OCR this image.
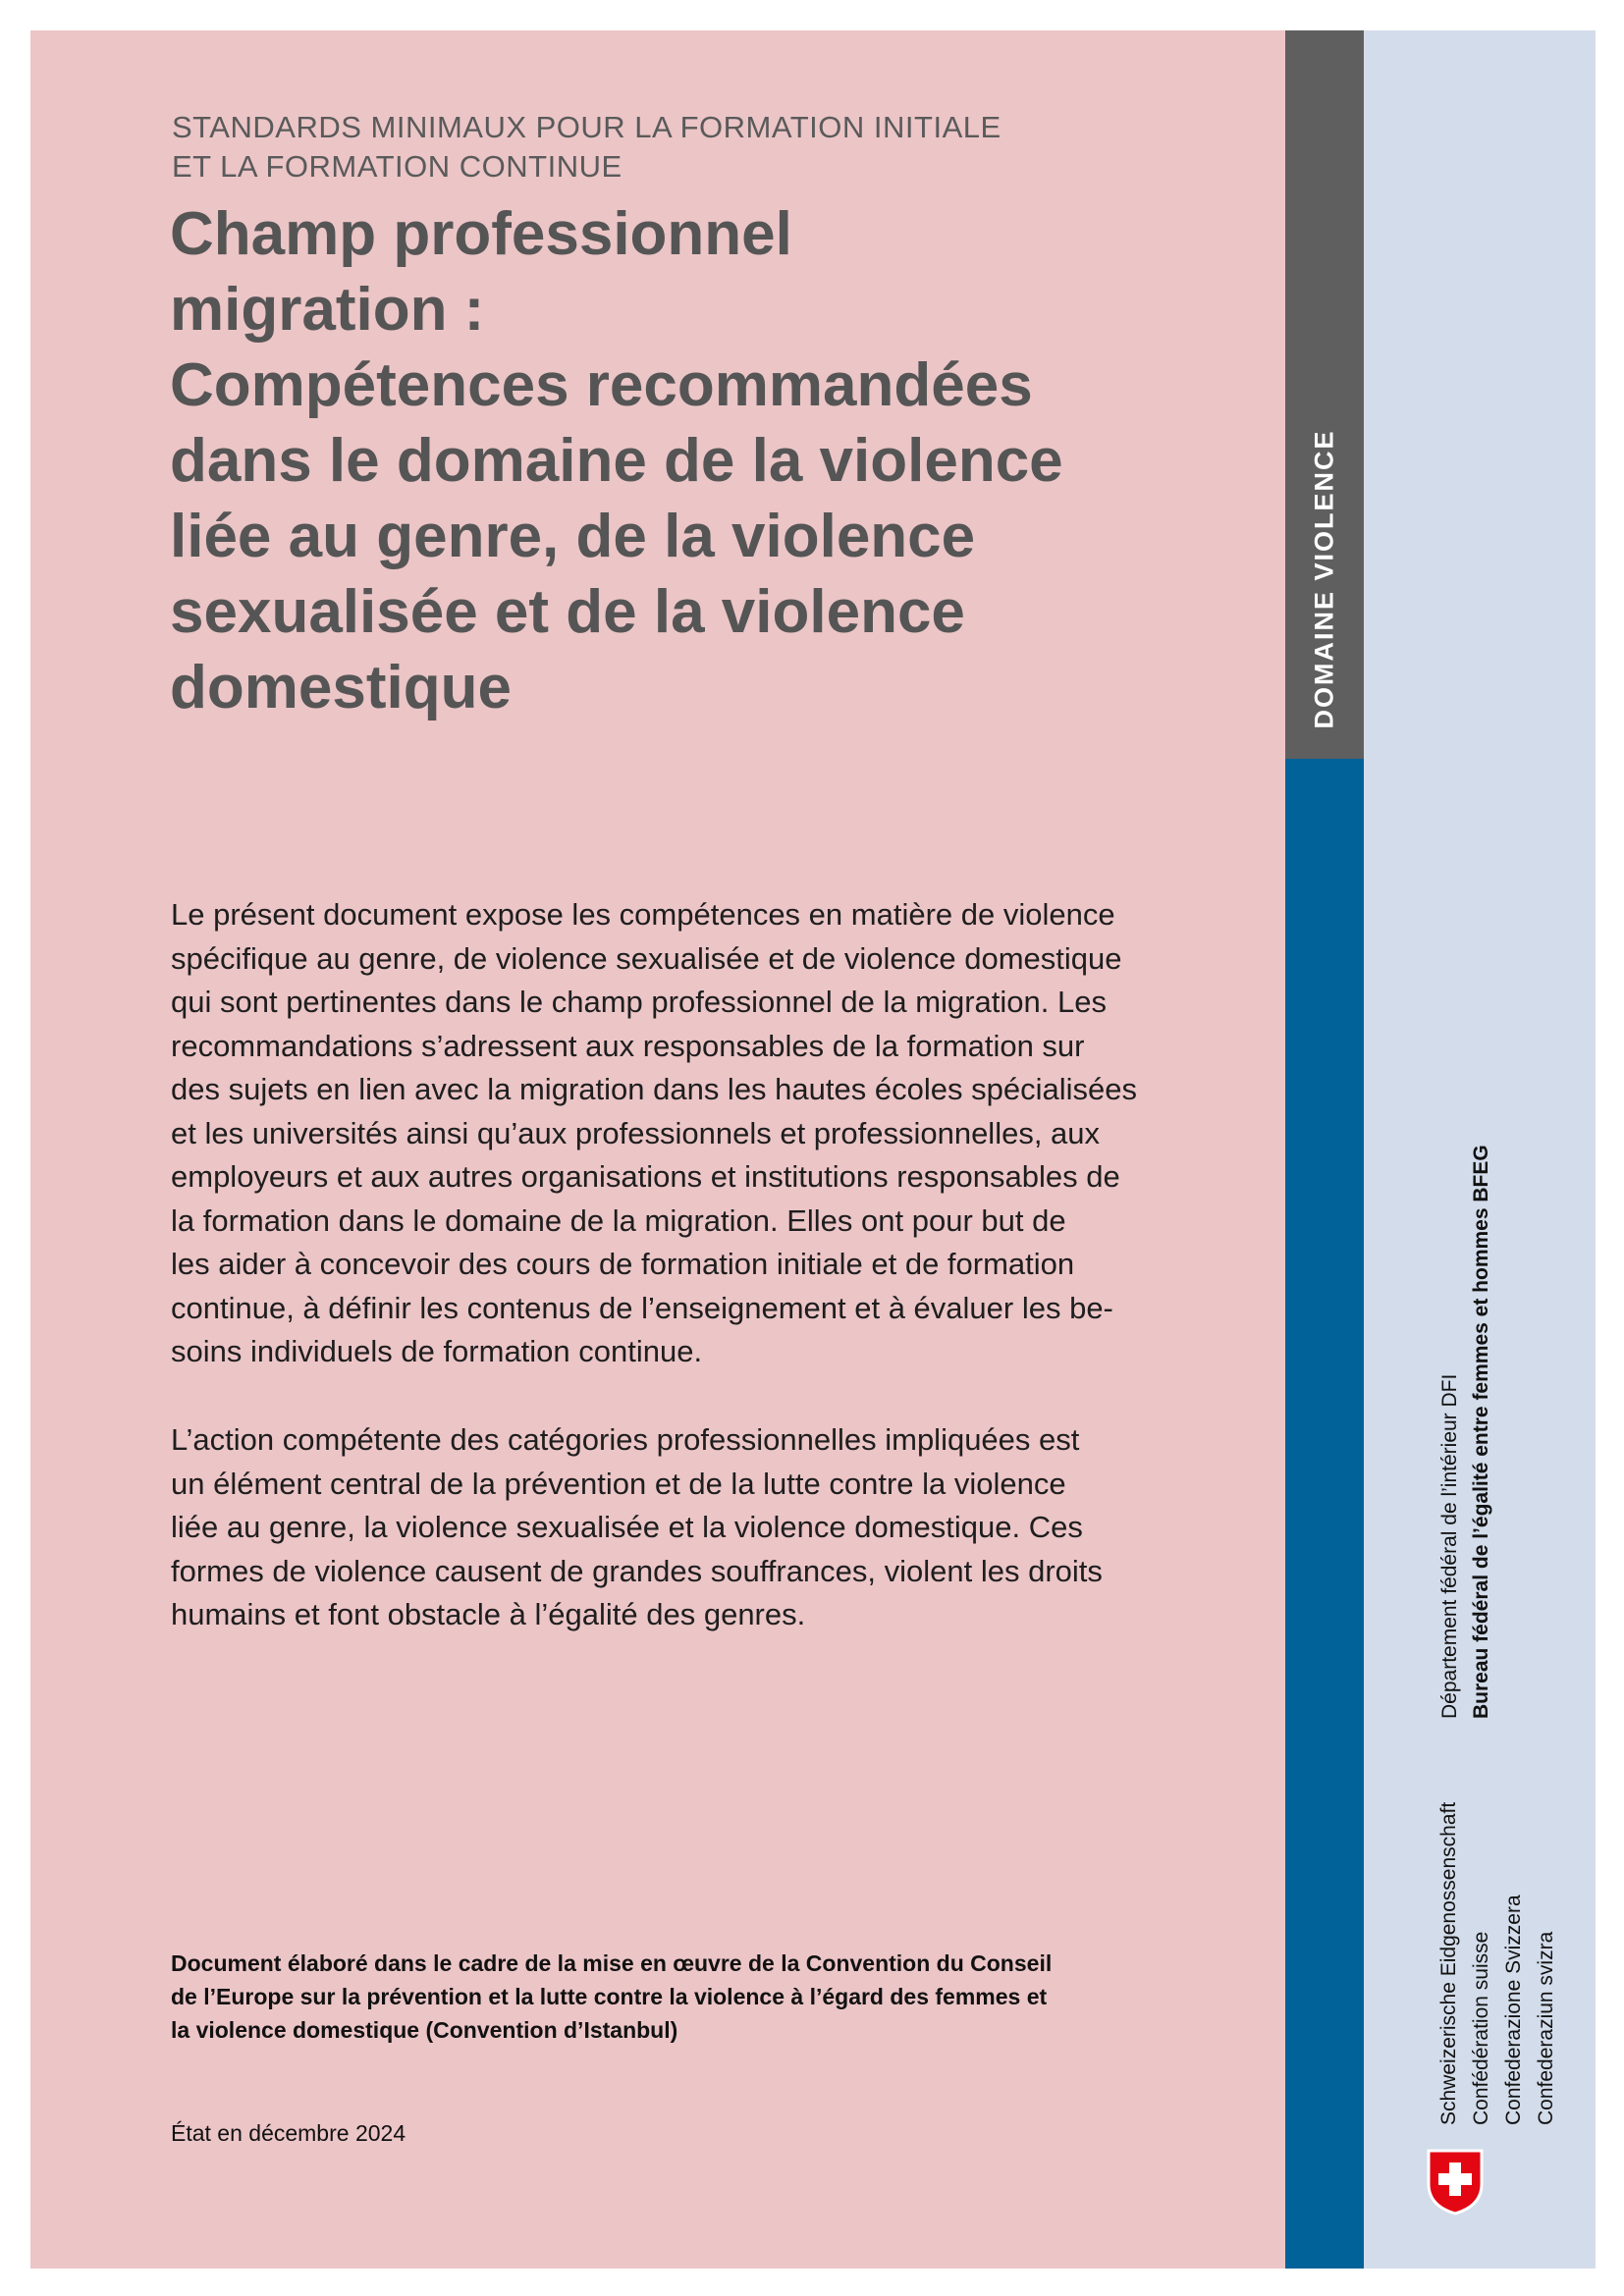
DOMAINE VIOLENCE
STANDARDS MINIMAUX POUR LA FORMATION INITIALE
ET LA FORMATION CONTINUE
Champ professionnel
migration :
Compétences recommandées
dans le domaine de la violence
liée au genre, de la violence
sexualisée et de la violence
domestique
Le présent document expose les compétences en matière de violence
spécifique au genre, de violence sexualisée et de violence domestique
qui sont pertinentes dans le champ professionnel de la migration. Les
recommandations s’adressent aux responsables de la formation sur
des sujets en lien avec la migration dans les hautes écoles spécialisées
et les universités ainsi qu’aux professionnels et professionnelles, aux
employeurs et aux autres organisations et institutions responsables de
la formation dans le domaine de la migration. Elles ont pour but de
les aider à concevoir des cours de formation initiale et de formation
continue, à définir les contenus de l’enseignement et à évaluer les be-
soins individuels de formation continue.
L’action compétente des catégories professionnelles impliquées est
un élément central de la prévention et de la lutte contre la violence
liée au genre, la violence sexualisée et la violence domestique. Ces
formes de violence causent de grandes souffrances, violent les droits
humains et font obstacle à l’égalité des genres.
Document élaboré dans le cadre de la mise en œuvre de la Convention du Conseil
de l’Europe sur la prévention et la lutte contre la violence à l’égard des femmes et
la violence domestique (Convention d’Istanbul)
État en décembre 2024
Département fédéral de l’intérieur DFI Bureau fédéral de l’égalité entre femmes et hommes BFEG
Schweizerische Eidgenossenschaft Confédération suisse Confederazione Svizzera Confederaziun svizra
